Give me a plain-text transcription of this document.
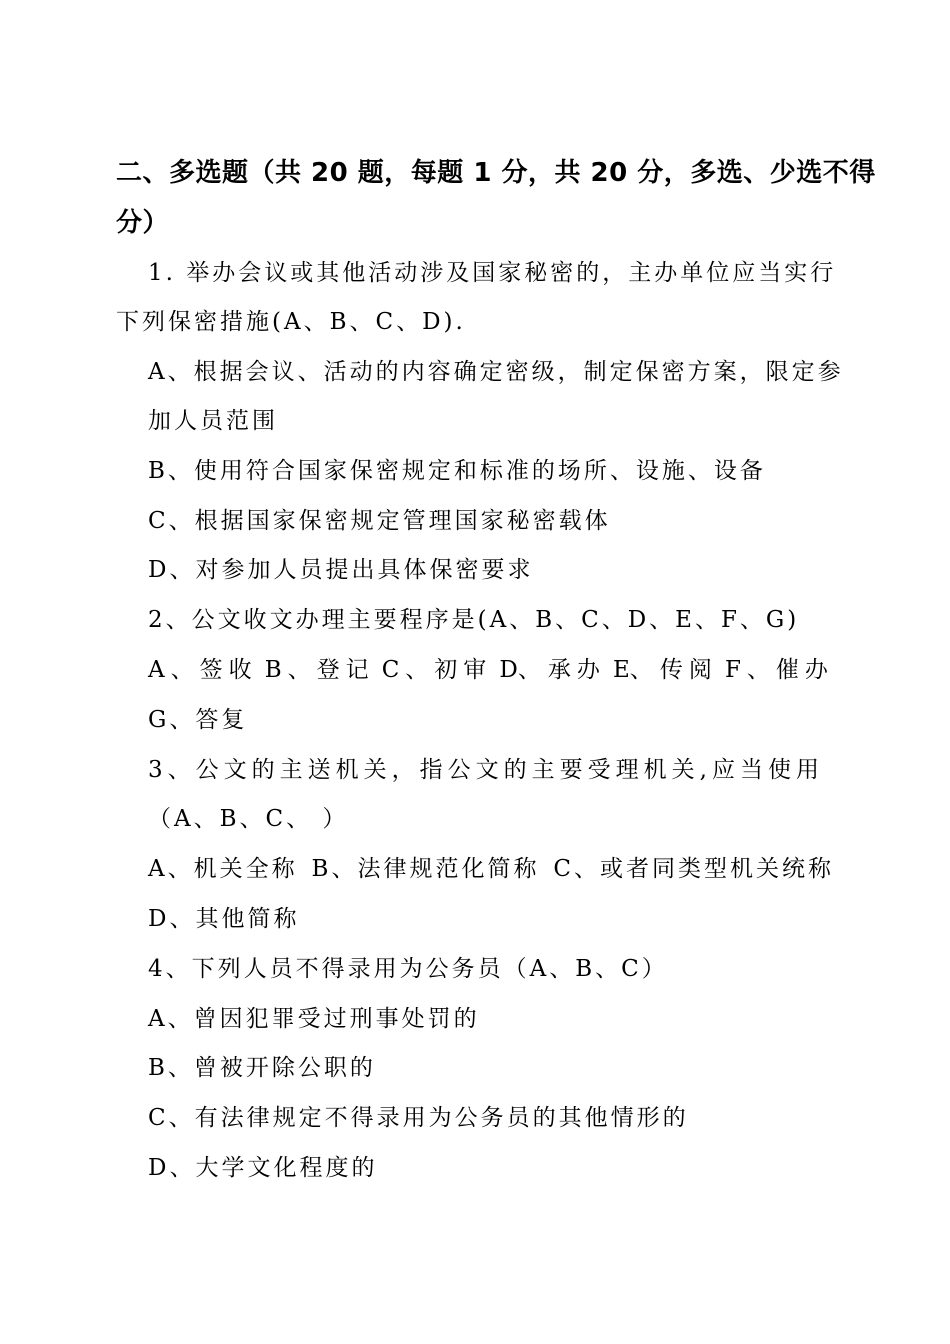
二、多选题（共 20 题，每题 1 分，共 20 分，多选、少选不得
分）
1. 举办会议或其他活动涉及国家秘密的，主办单位应当实行
下列保密措施(A、B、C、D).
A、根据会议、活动的内容确定密级，制定保密方案，限定参
加人员范围
B、使用符合国家保密规定和标准的场所、设施、设备
C、根据国家保密规定管理国家秘密载体
D、对参加人员提出具体保密要求
2、公文收文办理主要程序是(A、B、C、D、E、F、G)
A、签收 B、登记 C、初审 D、 承办 E、 传阅 F、催办
G、答复
3、公文的主送机关，指公文的主要受理机关,应当使用
（A、B、C、 ）
A、机关全称 B、法律规范化简称 C、或者同类型机关统称
D、其他简称
4、下列人员不得录用为公务员（A、B、C）
A、曾因犯罪受过刑事处罚的
B、曾被开除公职的
C、有法律规定不得录用为公务员的其他情形的
D、大学文化程度的
